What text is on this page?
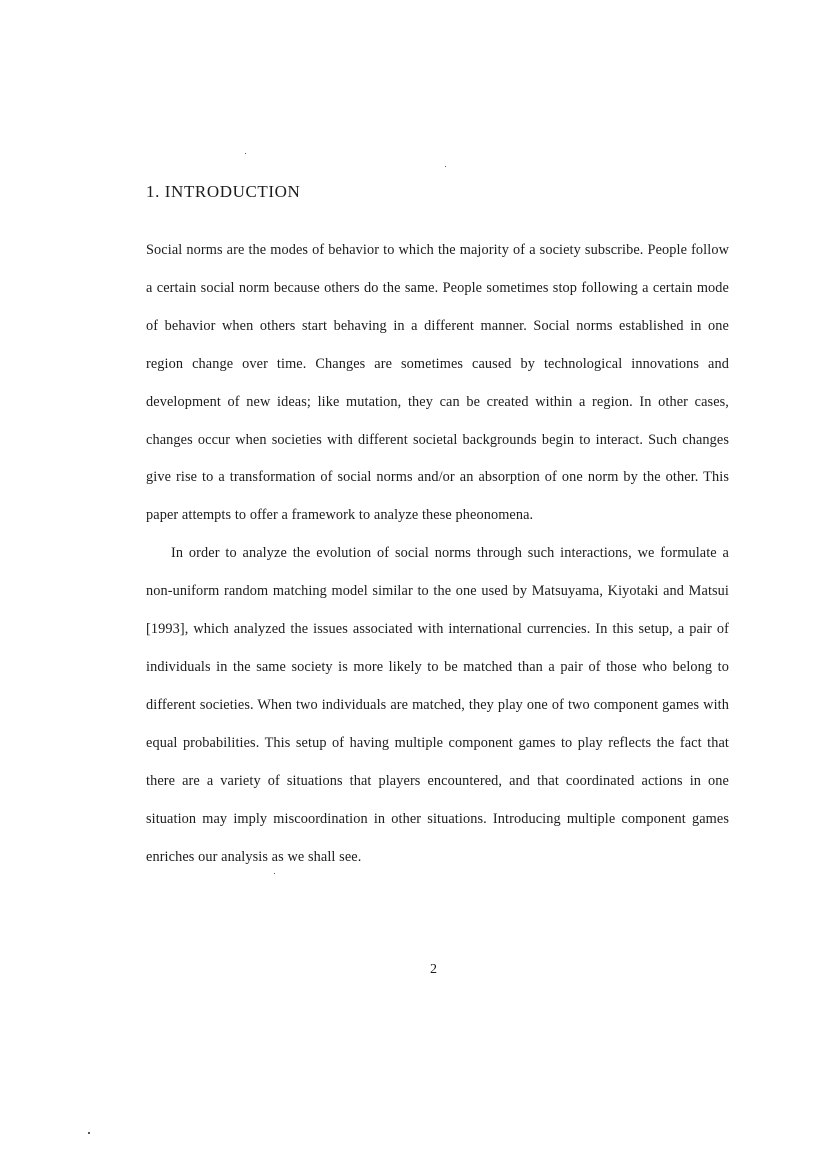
1. INTRODUCTION

Social norms are the modes of behavior to which the majority of a society subscribe. People follow a certain social norm because others do the same. People sometimes stop following a certain mode of behavior when others start behaving in a different manner. Social norms established in one region change over time. Changes are sometimes caused by technological innovations and development of new ideas; like mutation, they can be created within a region. In other cases, changes occur when societies with different societal backgrounds begin to interact. Such changes give rise to a transformation of social norms and/or an absorption of one norm by the other. This paper attempts to offer a framework to analyze these pheonomena.

In order to analyze the evolution of social norms through such interactions, we formulate a non-uniform random matching model similar to the one used by Matsuyama, Kiyotaki and Matsui [1993], which analyzed the issues associated with international currencies. In this setup, a pair of individuals in the same society is more likely to be matched than a pair of those who belong to different societies. When two individuals are matched, they play one of two component games with equal probabilities. This setup of having multiple component games to play reflects the fact that there are a variety of situations that players encountered, and that coordinated actions in one situation may imply miscoordination in other situations. Introducing multiple component games enriches our analysis as we shall see.

2
